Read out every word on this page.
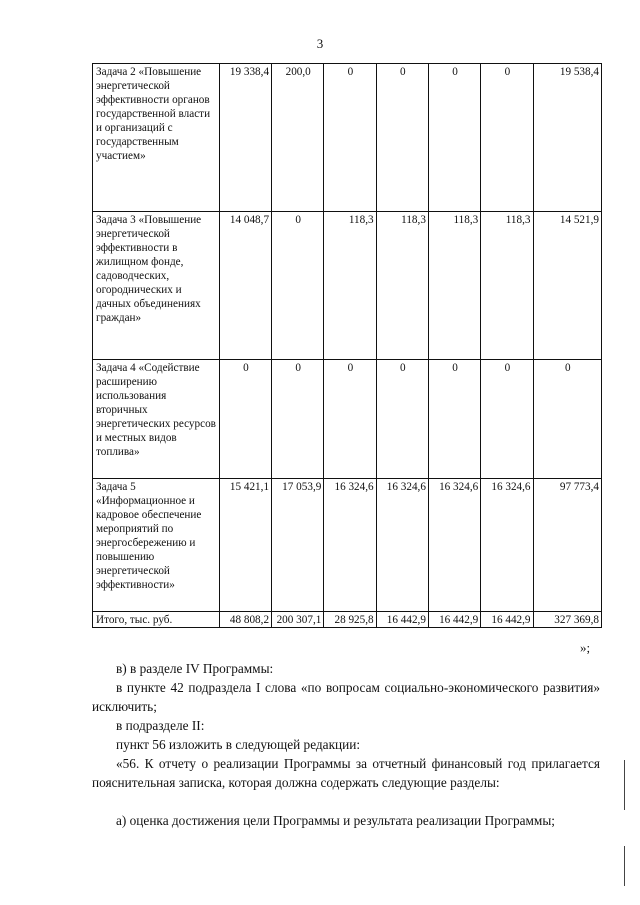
3
Задача 2 «Повышение энергетической эффективности органов государственной власти и организаций с государственным участием»	19 338,4	200,0	0	0	0	0	19 538,4
Задача 3 «Повышение энергетической эффективности в жилищном фонде, садоводческих, огороднических и дачных объединениях граждан»	14 048,7	0	118,3	118,3	118,3	118,3	14 521,9
Задача 4 «Содействие расширению использования вторичных энергетических ресурсов и местных видов топлива»	0	0	0	0	0	0	0
Задача 5 «Информационное и кадровое обеспечение мероприятий по энергосбережению и повышению энергетической эффективности»	15 421,1	17 053,9	16 324,6	16 324,6	16 324,6	16 324,6	97 773,4
Итого, тыс. руб.	48 808,2	200 307,1	28 925,8	16 442,9	16 442,9	16 442,9	327 369,8
»;
в) в разделе IV Программы:
в пункте 42 подраздела I слова «по вопросам социально-экономического развития» исключить;
в подразделе II:
пункт 56 изложить в следующей редакции:
«56. К отчету о реализации Программы за отчетный финансовый год прилагается пояснительная записка, которая должна содержать следующие разделы:
а) оценка достижения цели Программы и результата реализации Программы;
